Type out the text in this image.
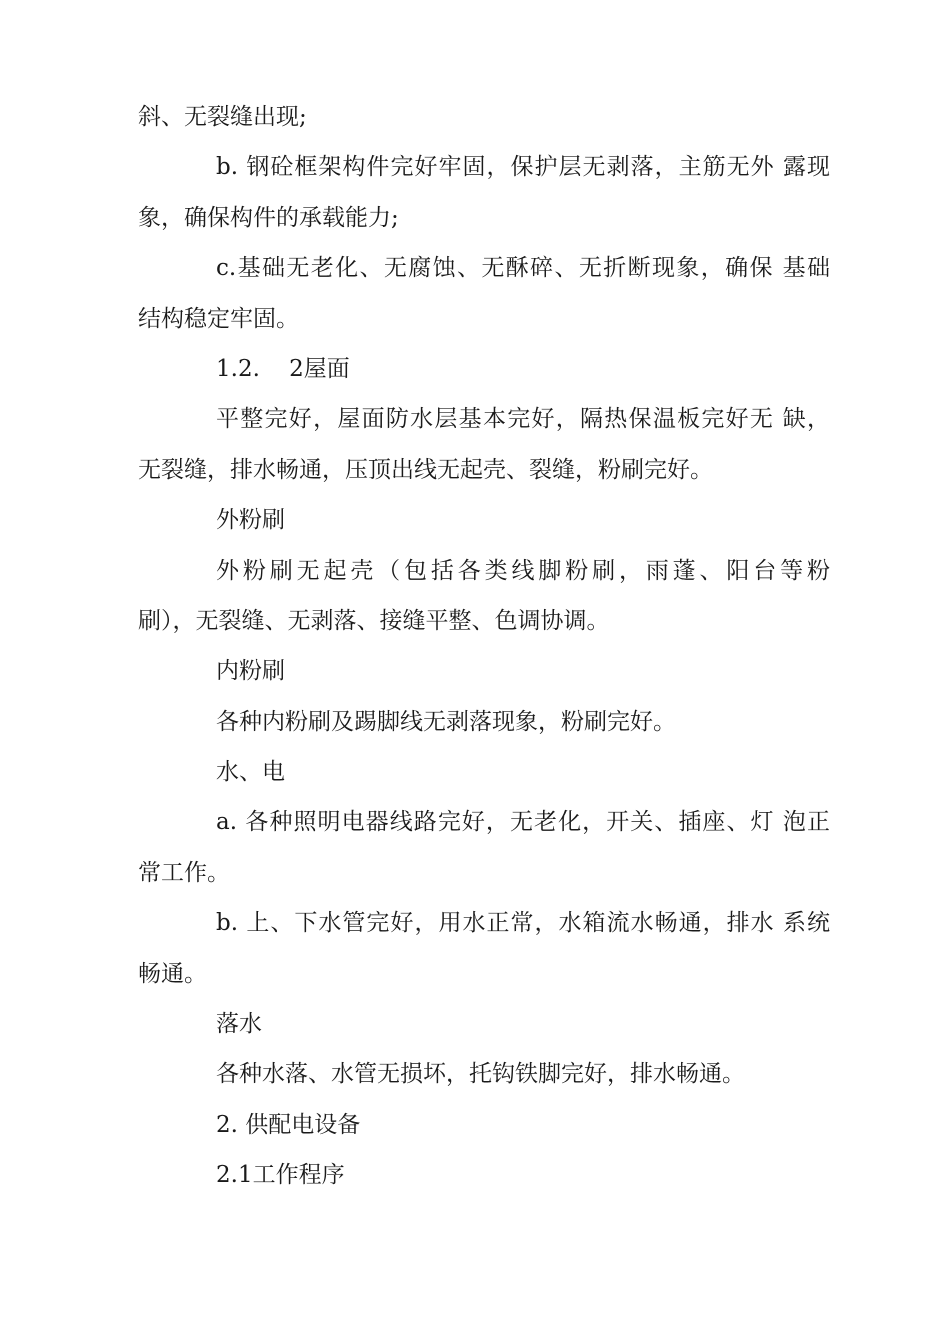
斜、无裂缝出现;
b. 钢砼框架构件完好牢固，保护层无剥落，主筋无外 露现
象，确保构件的承载能力;
c.基础无老化、无腐蚀、无酥碎、无折断现象，确保 基础
结构稳定牢固。
1.2.    2屋面
平整完好，屋面防水层基本完好，隔热保温板完好无 缺，
无裂缝，排水畅通，压顶出线无起壳、裂缝，粉刷完好。
外粉刷
外粉刷无起壳（包括各类线脚粉刷，雨蓬、阳台等粉
刷），无裂缝、无剥落、接缝平整、色调协调。
内粉刷
各种内粉刷及踢脚线无剥落现象，粉刷完好。
水、电
a. 各种照明电器线路完好，无老化，开关、插座、灯 泡正
常工作。
b. 上、下水管完好，用水正常，水箱流水畅通，排水 系统
畅通。
落水
各种水落、水管无损坏，托钩铁脚完好，排水畅通。
2. 供配电设备
2.1工作程序
